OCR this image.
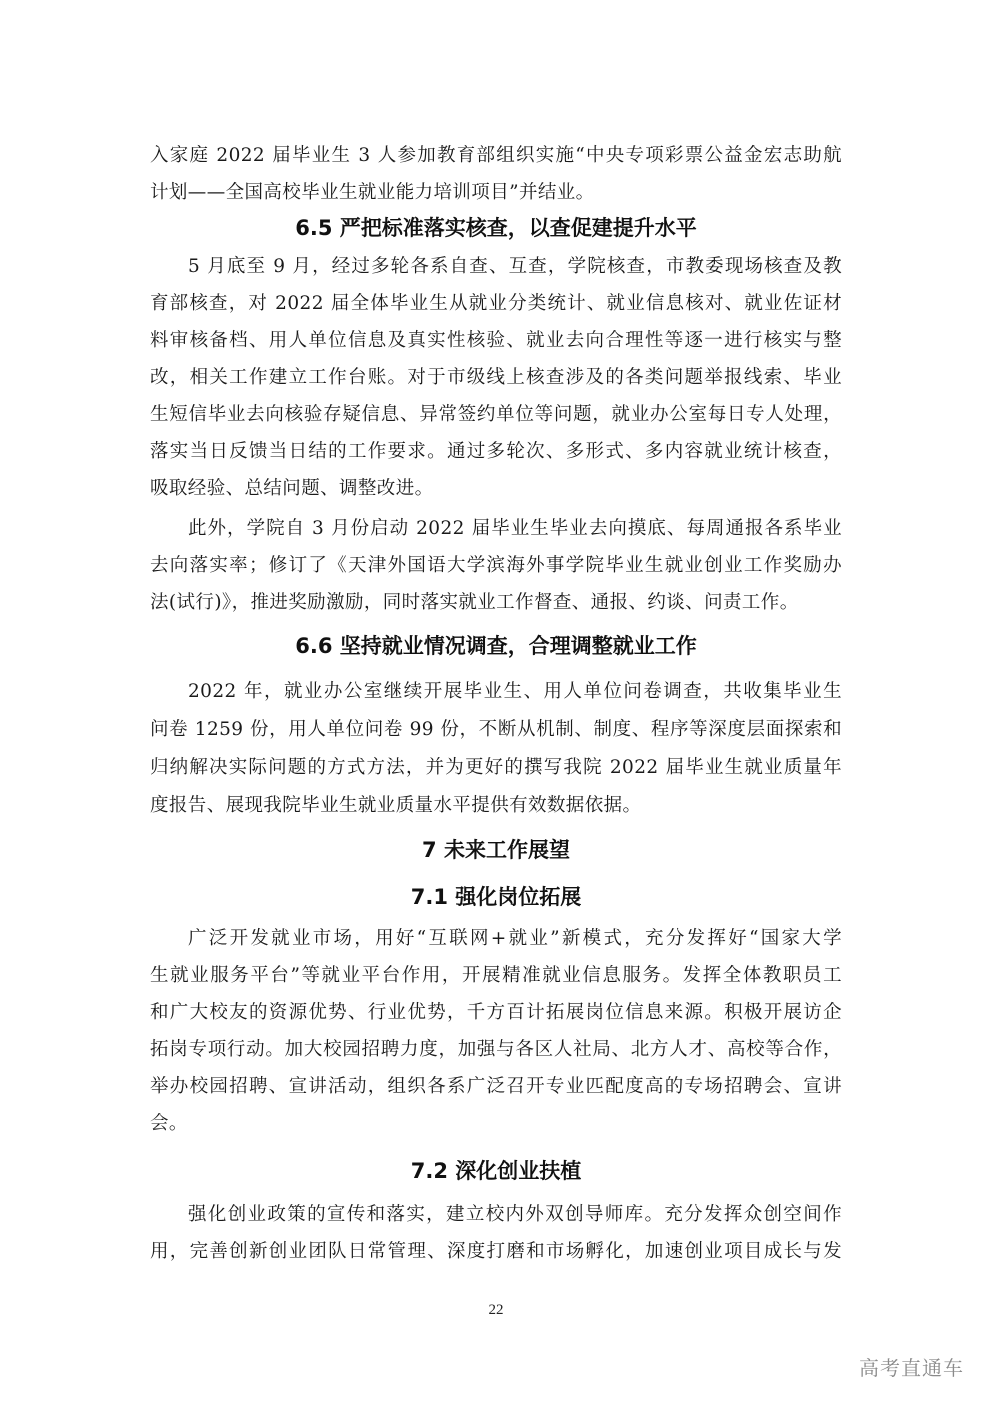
入家庭 2022 届毕业生 3 人参加教育部组织实施“中央专项彩票公益金宏志助航
计划——全国高校毕业生就业能力培训项目”并结业。
6.5 严把标准落实核查，以查促建提升水平
5 月底至 9 月，经过多轮各系自查、互查，学院核查，市教委现场核查及教
育部核查，对 2022 届全体毕业生从就业分类统计、就业信息核对、就业佐证材
料审核备档、用人单位信息及真实性核验、就业去向合理性等逐一进行核实与整
改，相关工作建立工作台账。对于市级线上核查涉及的各类问题举报线索、毕业
生短信毕业去向核验存疑信息、异常签约单位等问题，就业办公室每日专人处理，
落实当日反馈当日结的工作要求。通过多轮次、多形式、多内容就业统计核查，
吸取经验、总结问题、调整改进。
此外，学院自 3 月份启动 2022 届毕业生毕业去向摸底、每周通报各系毕业
去向落实率；修订了《天津外国语大学滨海外事学院毕业生就业创业工作奖励办
法(试行)》，推进奖励激励，同时落实就业工作督查、通报、约谈、问责工作。
6.6 坚持就业情况调查，合理调整就业工作
2022 年，就业办公室继续开展毕业生、用人单位问卷调查，共收集毕业生
问卷 1259 份，用人单位问卷 99 份，不断从机制、制度、程序等深度层面探索和
归纳解决实际问题的方式方法，并为更好的撰写我院 2022 届毕业生就业质量年
度报告、展现我院毕业生就业质量水平提供有效数据依据。
7 未来工作展望
7.1 强化岗位拓展
广泛开发就业市场，用好“互联网+就业”新模式，充分发挥好“国家大学
生就业服务平台”等就业平台作用，开展精准就业信息服务。发挥全体教职员工
和广大校友的资源优势、行业优势，千方百计拓展岗位信息来源。积极开展访企
拓岗专项行动。加大校园招聘力度，加强与各区人社局、北方人才、高校等合作，
举办校园招聘、宣讲活动，组织各系广泛召开专业匹配度高的专场招聘会、宣讲
会。
7.2 深化创业扶植
强化创业政策的宣传和落实，建立校内外双创导师库。充分发挥众创空间作
用，完善创新创业团队日常管理、深度打磨和市场孵化，加速创业项目成长与发
22
高考直通车
